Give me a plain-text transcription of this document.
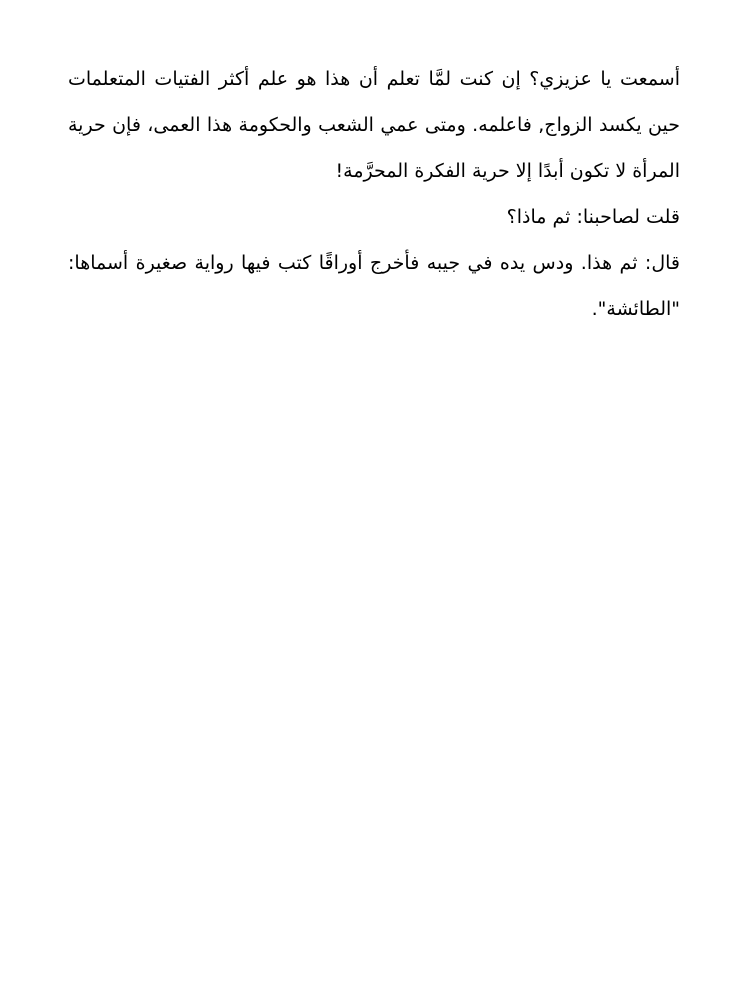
أسمعت يا عزيزي؟ إن كنت لمَّا تعلم أن هذا هو علم أكثر الفتيات المتعلمات حين يكسد الزواج, فاعلمه. ومتى عمي الشعب والحكومة هذا العمى، فإن حرية المرأة لا تكون أبدًا إلا حرية الفكرة المحرَّمة!

قلت لصاحبنا: ثم ماذا؟

قال: ثم هذا. ودس يده في جيبه فأخرج أوراقًا كتب فيها رواية صغيرة أسماها: "الطائشة".
